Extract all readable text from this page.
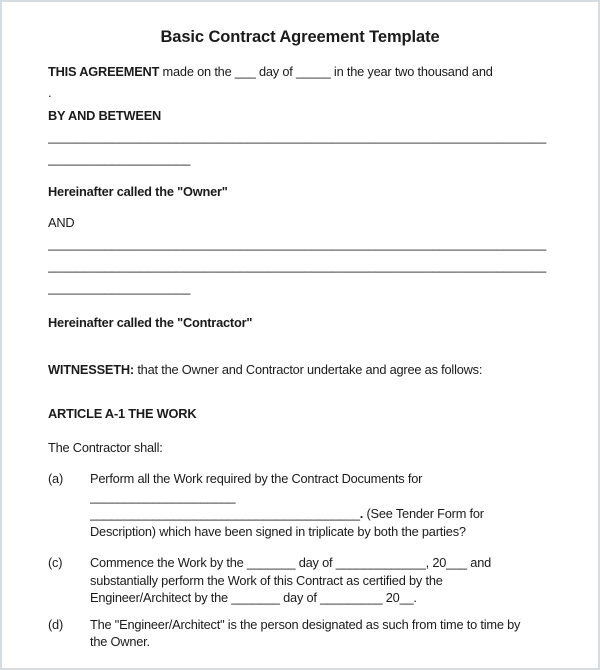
Basic Contract Agreement Template

THIS AGREEMENT made on the ___ day of _____ in the year two thousand and

.

BY AND BETWEEN
______________________________________________________________________
____________________
Hereinafter called the "Owner"

AND

______________________________________________________________________
______________________________________________________________________
____________________
Hereinafter called the "Contractor"

WITNESSETH: that the Owner and Contractor undertake and agree as follows:

ARTICLE A-1 THE WORK

The Contractor shall:

(a)	Perform all the Work required by the Contract Documents for
_____________________
_______________________________________. (See Tender Form for
Description) which have been signed in triplicate by both the parties?
(c)	Commence the Work by the _______ day of _____________, 20___ and
substantially perform the Work of this Contract as certified by the
Engineer/Architect by the _______ day of _________ 20__.
(d)	The "Engineer/Architect" is the person designated as such from time to time by
the Owner.
